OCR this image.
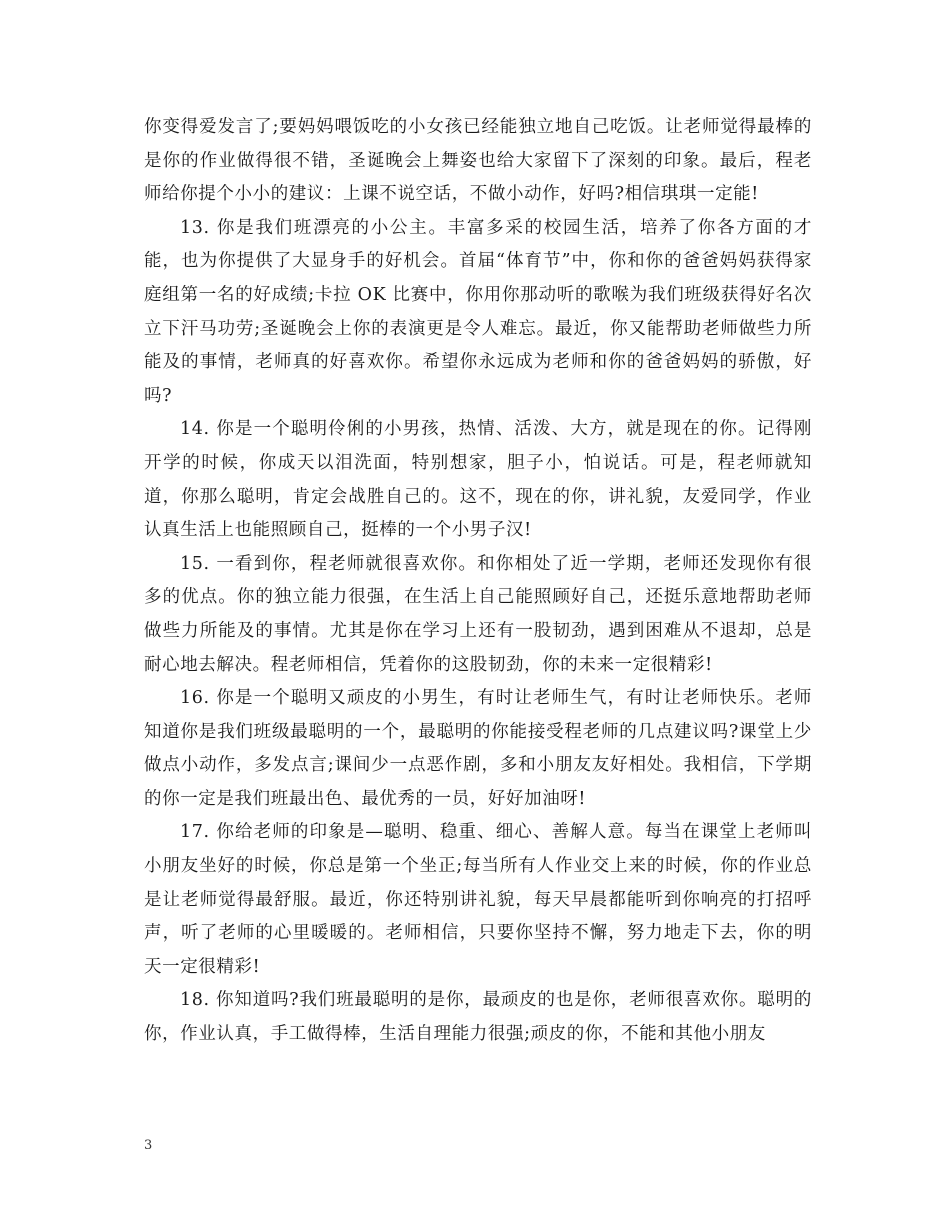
你变得爱发言了;要妈妈喂饭吃的小女孩已经能独立地自己吃饭。让老师觉得最棒的是你的作业做得很不错，圣诞晚会上舞姿也给大家留下了深刻的印象。最后，程老师给你提个小小的建议：上课不说空话，不做小动作，好吗?相信琪琪一定能!

13. 你是我们班漂亮的小公主。丰富多采的校园生活，培养了你各方面的才能，也为你提供了大显身手的好机会。首届“体育节”中，你和你的爸爸妈妈获得家庭组第一名的好成绩;卡拉 OK 比赛中，你用你那动听的歌喉为我们班级获得好名次立下汗马功劳;圣诞晚会上你的表演更是令人难忘。最近，你又能帮助老师做些力所能及的事情，老师真的好喜欢你。希望你永远成为老师和你的爸爸妈妈的骄傲，好吗?

14. 你是一个聪明伶俐的小男孩，热情、活泼、大方，就是现在的你。记得刚开学的时候，你成天以泪洗面，特别想家，胆子小，怕说话。可是，程老师就知道，你那么聪明，肯定会战胜自己的。这不，现在的你，讲礼貌，友爱同学，作业认真生活上也能照顾自己，挺棒的一个小男子汉!

15. 一看到你，程老师就很喜欢你。和你相处了近一学期，老师还发现你有很多的优点。你的独立能力很强，在生活上自己能照顾好自己，还挺乐意地帮助老师做些力所能及的事情。尤其是你在学习上还有一股韧劲，遇到困难从不退却，总是耐心地去解决。程老师相信，凭着你的这股韧劲，你的未来一定很精彩!

16. 你是一个聪明又顽皮的小男生，有时让老师生气，有时让老师快乐。老师知道你是我们班级最聪明的一个，最聪明的你能接受程老师的几点建议吗?课堂上少做点小动作，多发点言;课间少一点恶作剧，多和小朋友友好相处。我相信，下学期的你一定是我们班最出色、最优秀的一员，好好加油呀!

17. 你给老师的印象是—聪明、稳重、细心、善解人意。每当在课堂上老师叫小朋友坐好的时候，你总是第一个坐正;每当所有人作业交上来的时候，你的作业总是让老师觉得最舒服。最近，你还特别讲礼貌，每天早晨都能听到你响亮的打招呼声，听了老师的心里暖暖的。老师相信，只要你坚持不懈，努力地走下去，你的明天一定很精彩!

18. 你知道吗?我们班最聪明的是你，最顽皮的也是你，老师很喜欢你。聪明的你，作业认真，手工做得棒，生活自理能力很强;顽皮的你，不能和其他小朋友

3
